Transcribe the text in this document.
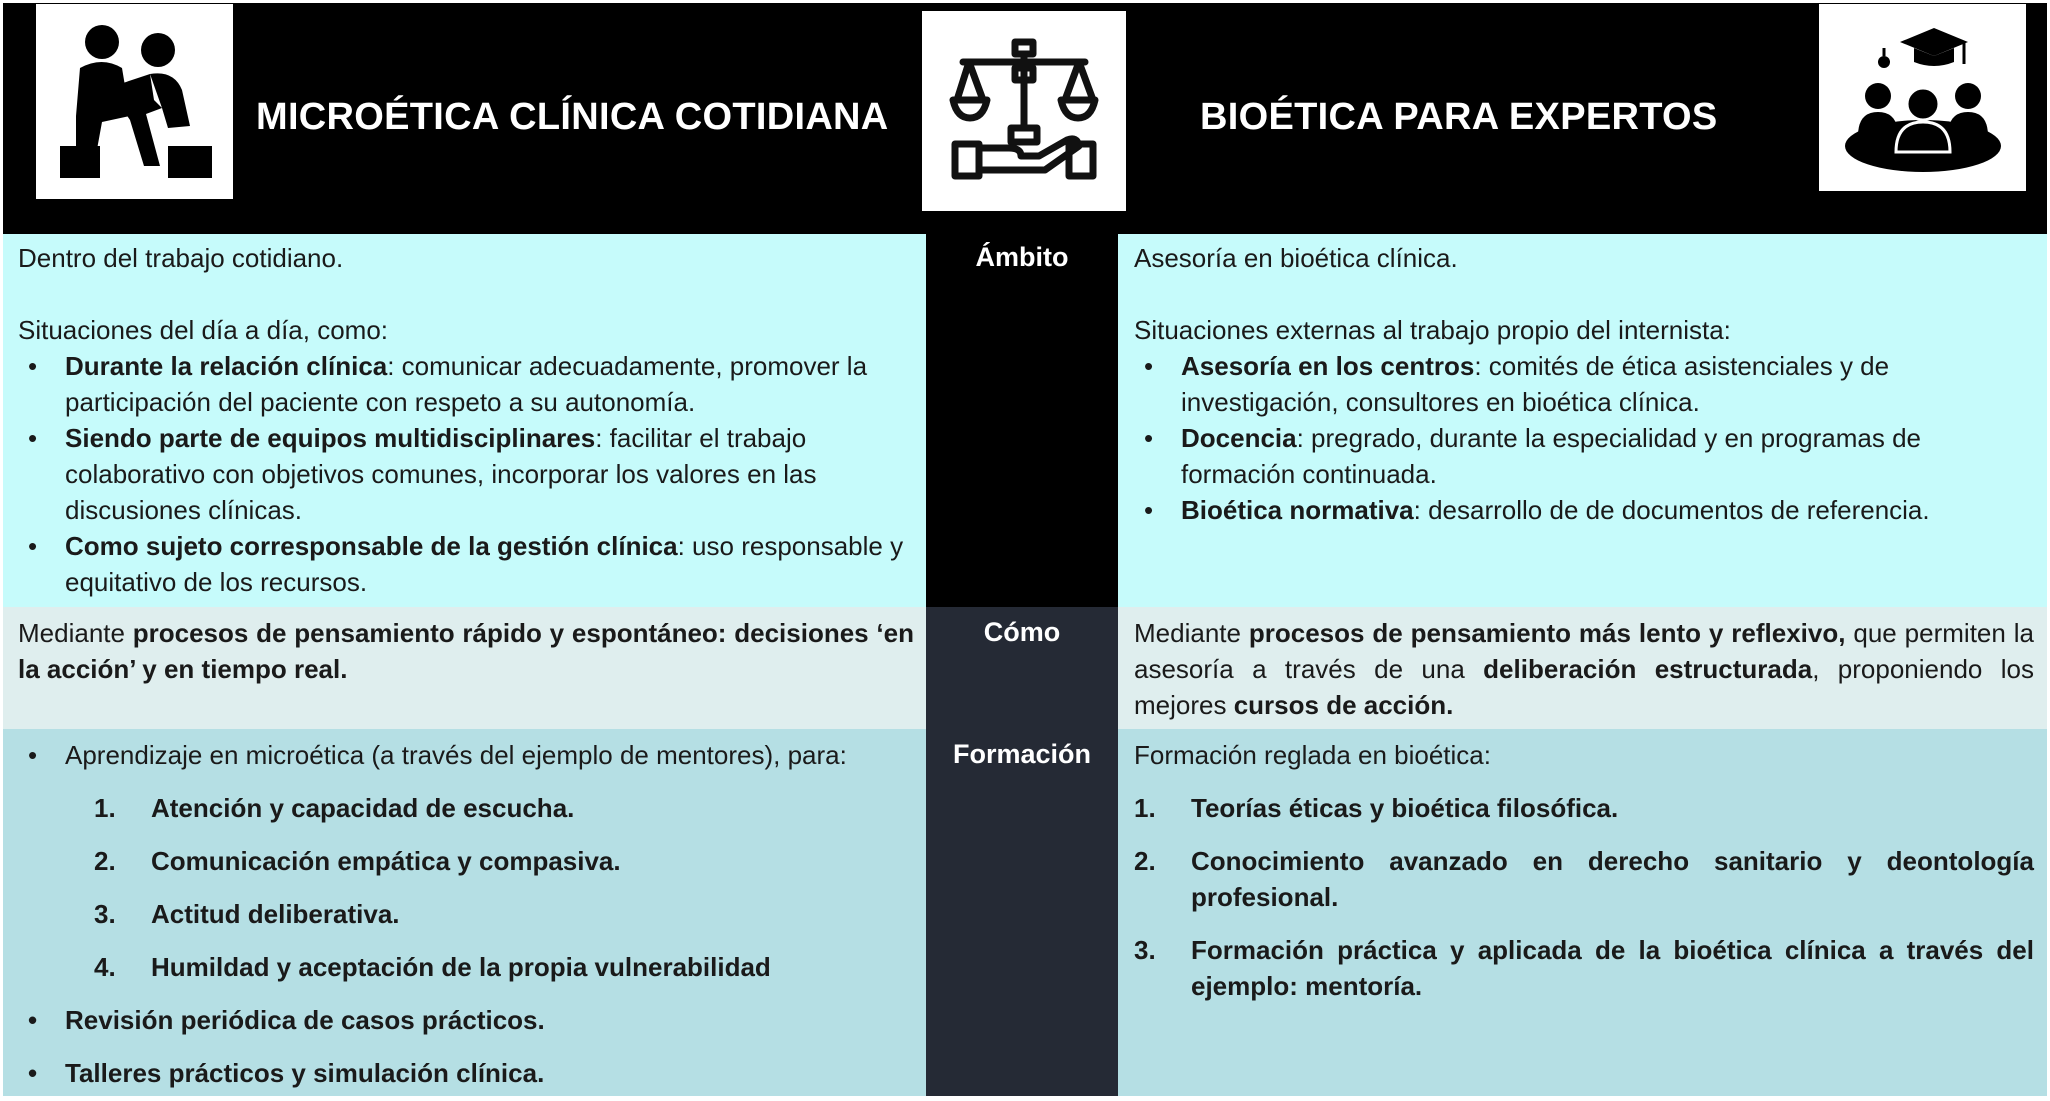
MICROÉTICA CLÍNICA COTIDIANA	BIOÉTICA PARA EXPERTOS
Ámbito

Dentro del trabajo cotidiano.

Situaciones del día a día, como:

• Durante la relación clínica: comunicar adecuadamente, promover la participación del paciente con respeto a su autonomía.
• Siendo parte de equipos multidisciplinares: facilitar el trabajo colaborativo con objetivos comunes, incorporar los valores en las discusiones clínicas.
• Como sujeto corresponsable de la gestión clínica: uso responsable y equitativo de los recursos.

Asesoría en bioética clínica.

Situaciones externas al trabajo propio del internista:

• Asesoría en los centros: comités de ética asistenciales y de investigación, consultores en bioética clínica.
• Docencia: pregrado, durante la especialidad y en programas de formación continuada.
• Bioética normativa: desarrollo de de documentos de referencia.
Cómo
Mediante procesos de pensamiento rápido y espontáneo: decisiones ‘en la acción’ y en tiempo real.
Mediante procesos de pensamiento más lento y reflexivo, que permiten la asesoría a través de una deliberación estructurada, proponiendo los mejores cursos de acción.
Formación
• Aprendizaje en microética (a través del ejemplo de mentores), para:
1. Atención y capacidad de escucha.
2. Comunicación empática y compasiva.
3. Actitud deliberativa.
4. Humildad y aceptación de la propia vulnerabilidad
• Revisión periódica de casos prácticos.
• Talleres prácticos y simulación clínica.

Formación reglada en bioética:

1. Teorías éticas y bioética filosófica.
2. Conocimiento avanzado en derecho sanitario y deontología profesional.
3. Formación práctica y aplicada de la bioética clínica a través del ejemplo: mentoría.
